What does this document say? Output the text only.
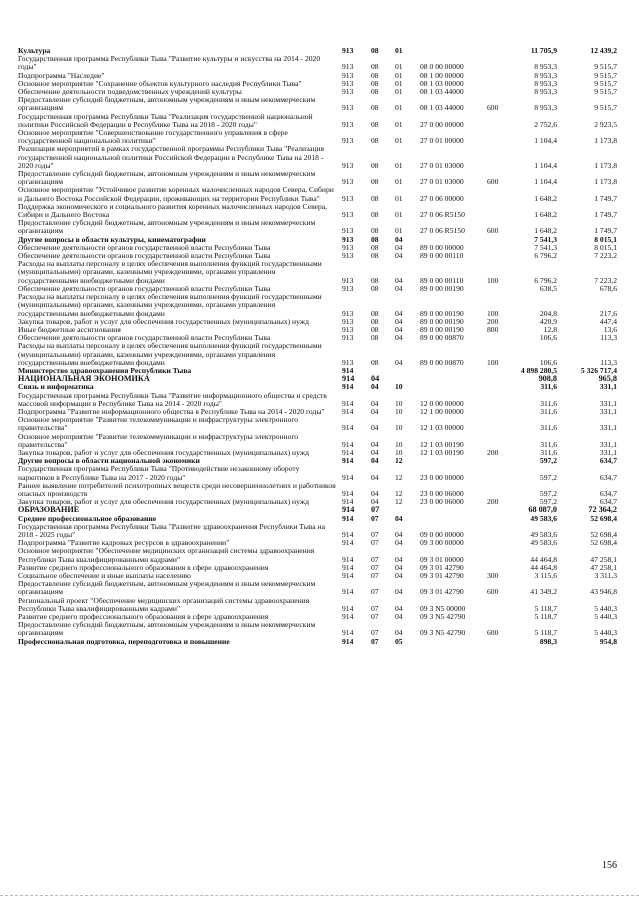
Культура	913 08 01	11 705,9	12 439,2
Государственная программа Республики Тыва "Развитие культуры и искусства на 2014 - 2020 годы"	913 08 01 08 0 00 00000	8 953,3	9 515,7
Подпрограмма "Наследие"	913 08 01 08 1 00 00000	8 953,3	9 515,7
Основное мероприятие "Сохранение объектов культурного наследия Республики Тыва"	913 08 01 08 1 03 00000	8 953,3	9 515,7
Обеспечение деятельности подведомственных учреждений культуры	913 08 01 08 1 03 44000	8 953,3	9 515,7
Предоставление субсидий бюджетным, автономным учреждениям и иным некоммерческим организациям	913 08 01 08 1 03 44000	600	8 953,3	9 515,7
Государственная программа Республики Тыва "Реализация государственной национальной политики Российской Федерации в Республике Тыва на 2018 - 2020 годы"	913 08 01 27 0 00 00000	2 752,6	2 923,5
Основное мероприятие "Совершенствование государственного управления в сфере государственной национальной политики"	913 08 01 27 0 01 00000	1 104,4	1 173,8
Реализация мероприятий в рамках государственной программы Республики Тыва "Реализация государственной национальной политики Российской Федерации в Республике Тыва на 2018 - 2020 годы"	913 08 01 27 0 01 03000	1 104,4	1 173,8
Предоставление субсидий бюджетным, автономным учреждениям и иным некоммерческим организациям	913 08 01 27 0 01 03000	600	1 104,4	1 173,8
Основное мероприятие "Устойчивое развитие коренных малочисленных народов Севера, Сибири и Дальнего Востока Российской Федерации, проживающих на территории Республики Тыва"	913 08 01 27 0 06 00000	1 648,2	1 749,7
Поддержка экономического и социального развития коренных малочисленных народов Севера, Сибири и Дальнего Востока	913 08 01 27 0 06 R5150	1 648,2	1 749,7
Предоставление субсидий бюджетным, автономным учреждениям и иным некоммерческим организациям	913 08 01 27 0 06 R5150	600	1 648,2	1 749,7
Другие вопросы в области культуры, кинематографии	913 08 04	7 541,3	8 015,1
Обеспечение деятельности органов государственной власти Республики Тыва	913 08 04 89 0 00 00000	7 541,3	8 015,1
Обеспечение деятельности органов государственной власти Республики Тыва	913 08 04 89 0 00 00110	6 796,2	7 223,2
Расходы на выплаты персоналу в целях обеспечения выполнения функций государственными (муниципальными) органами, казенными учреждениями, органами управления государственными внебюджетными фондами	913 08 04 89 0 00 00110	100	6 796,2	7 223,2
Обеспечение деятельности органов государственной власти Республики Тыва	913 08 04 89 0 00 00190	638,5	678,6
Расходы на выплаты персоналу в целях обеспечения выполнения функций государственными (муниципальными) органами, казенными учреждениями, органами управления государственными внебюджетными фондами	913 08 04 89 0 00 00190	100	204,8	217,6
Закупка товаров, работ и услуг для обеспечения государственных (муниципальных) нужд	913 08 04 89 0 00 00190	200	420,9	447,4
Иные бюджетные ассигнования	913 08 04 89 0 00 00190	800	12,8	13,6
Обеспечение деятельности органов государственной власти Республики Тыва	913 08 04 89 0 00 00870	106,6	113,3
Расходы на выплаты персоналу в целях обеспечения выполнения функций государственными (муниципальными) органами, казенными учреждениями, органами управления государственными внебюджетными фондами	913 08 04 89 0 00 00870	100	106,6	113,3
Министерство здравоохранения Республики Тыва	914	4 898 280,5	5 326 717,4
НАЦИОНАЛЬНАЯ ЭКОНОМИКА	914 04	908,8	965,8
Связь и информатика	914 04 10	311,6	331,1
Государственная программа Республики Тыва "Развитие информационного общества и средств массовой информации в Республике Тыва на 2014 - 2020 годы"	914 04 10 12 0 00 00000	311,6	331,1
Подпрограмма "Развитие информационного общества в Республике Тыва на 2014 - 2020 годы"	914 04 10 12 1 00 00000	311,6	331,1
Основное мероприятие "Развитие телекоммуникации и инфраструктуры электронного правительства"	914 04 10 12 1 03 00000	311,6	331,1
Основное мероприятие "Развитие телекоммуникации и инфраструктуры электронного правительства"	914 04 10 12 1 03 00190	311,6	331,1
Закупка товаров, работ и услуг для обеспечения государственных (муниципальных) нужд	914 04 10 12 1 03 00190	200	311,6	331,1
Другие вопросы в области национальной экономики	914 04 12	597,2	634,7
Государственная программа Республики Тыва "Противодействие незаконному обороту наркотиков в Республике Тыва на 2017 - 2020 годы"	914 04 12 23 0 00 00000	597,2	634,7
Раннее выявление потребителей психотропных веществ среди несовершеннолетних и работников опасных производств	914 04 12 23 0 00 06000	597,2	634,7
Закупка товаров, работ и услуг для обеспечения государственных (муниципальных) нужд	914 04 12 23 0 00 06000	200	597,2	634,7
ОБРАЗОВАНИЕ	914 07	68 087,0	72 364,2
Среднее профессиональное образование	914 07 04	49 583,6	52 698,4
Государственная программа Республики Тыва "Развитие здравоохранения Республики Тыва на 2018 - 2025 годы"	914 07 04 09 0 00 00000	49 583,6	52 698,4
Подпрограмма "Развитие кадровых ресурсов в здравоохранении"	914 07 04 09 3 00 00000	49 583,6	52 698,4
Основное мероприятие "Обеспечение медицинских организаций системы здравоохранения Республики Тыва квалифицированными кадрами"	914 07 04 09 3 01 00000	44 464,8	47 258,1
Развитие среднего профессионального образования в сфере здравоохранения	914 07 04 09 3 01 42790	44 464,8	47 258,1
Социальное обеспечение и иные выплаты населению	914 07 04 09 3 01 42790	300	3 115,6	3 311,3
Предоставление субсидий бюджетным, автономным учреждениям и иным некоммерческим организациям	914 07 04 09 3 01 42790	600	41 349,2	43 946,8
Региональный проект "Обеспечение медицинских организаций системы здравоохранения Республики Тыва квалифицированными кадрами"	914 07 04 09 3 N5 00000	5 118,7	5 440,3
Развитие среднего профессионального образования в сфере здравоохранения	914 07 04 09 3 N5 42790	5 118,7	5 440,3
Предоставление субсидий бюджетным, автономным учреждениям и иным некоммерческим организациям	914 07 04 09 3 N5 42790	600	5 118,7	5 440,3
Профессиональная подготовка, переподготовка и повышение	914 07 05	898,3	954,8
156
